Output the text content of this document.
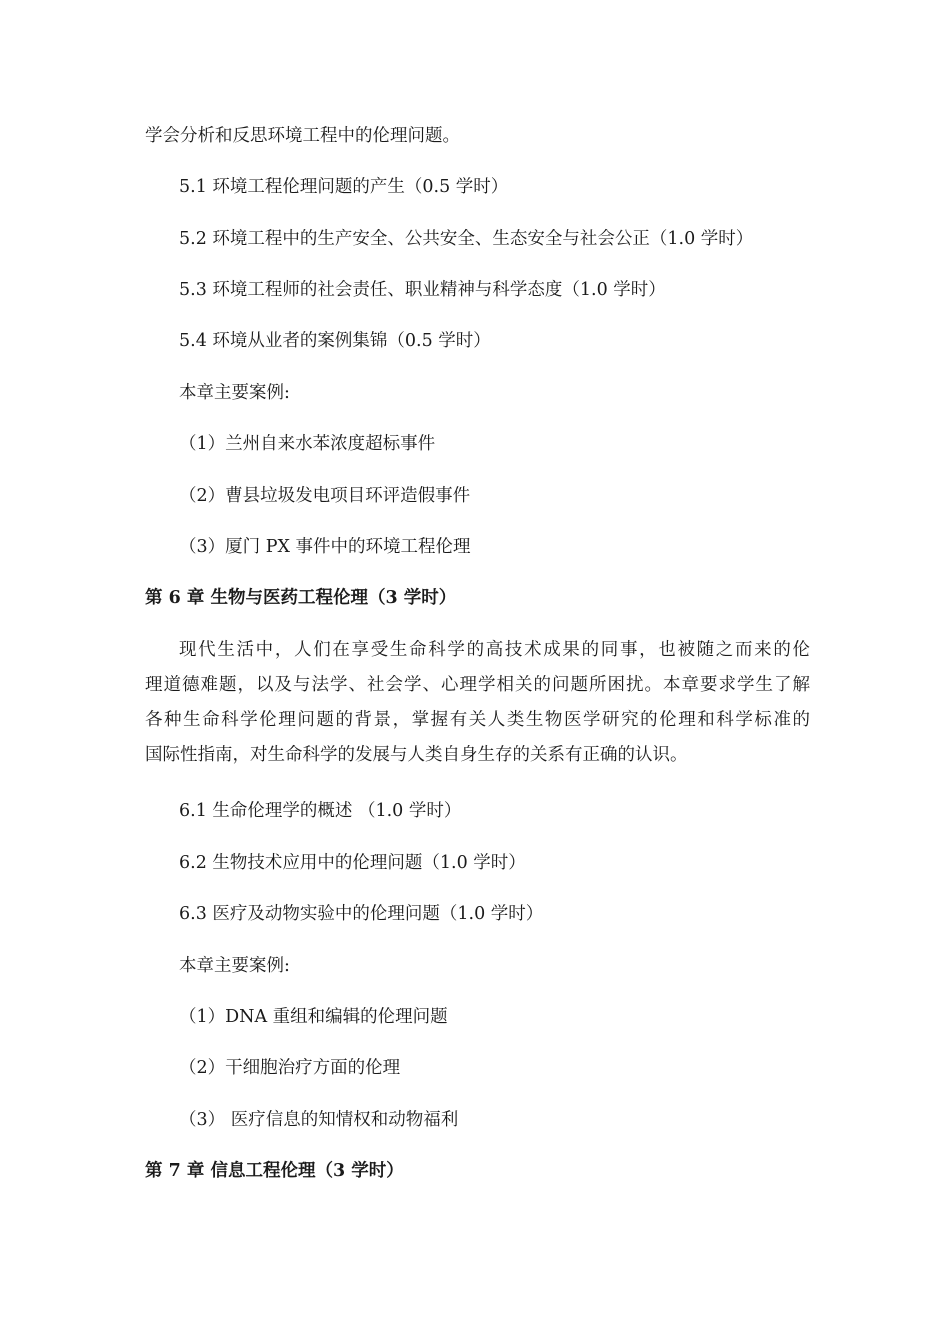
学会分析和反思环境工程中的伦理问题。

5.1 环境工程伦理问题的产生（0.5 学时）

5.2 环境工程中的生产安全、公共安全、生态安全与社会公正（1.0 学时）

5.3 环境工程师的社会责任、职业精神与科学态度（1.0 学时）

5.4 环境从业者的案例集锦（0.5 学时）

本章主要案例:

（1）兰州自来水苯浓度超标事件

（2）曹县垃圾发电项目环评造假事件

（3）厦门 PX 事件中的环境工程伦理

第 6 章 生物与医药工程伦理（3 学时）
现代生活中，人们在享受生命科学的高技术成果的同事，也被随之而来的伦
理道德难题，以及与法学、社会学、心理学相关的问题所困扰。本章要求学生了解
各种生命科学伦理问题的背景，掌握有关人类生物医学研究的伦理和科学标准的
国际性指南，对生命科学的发展与人类自身生存的关系有正确的认识。

6.1 生命伦理学的概述 （1.0 学时）

6.2 生物技术应用中的伦理问题（1.0 学时）

6.3 医疗及动物实验中的伦理问题（1.0 学时）

本章主要案例:

（1）DNA 重组和编辑的伦理问题

（2）干细胞治疗方面的伦理

（3） 医疗信息的知情权和动物福利

第 7 章 信息工程伦理（3 学时）
